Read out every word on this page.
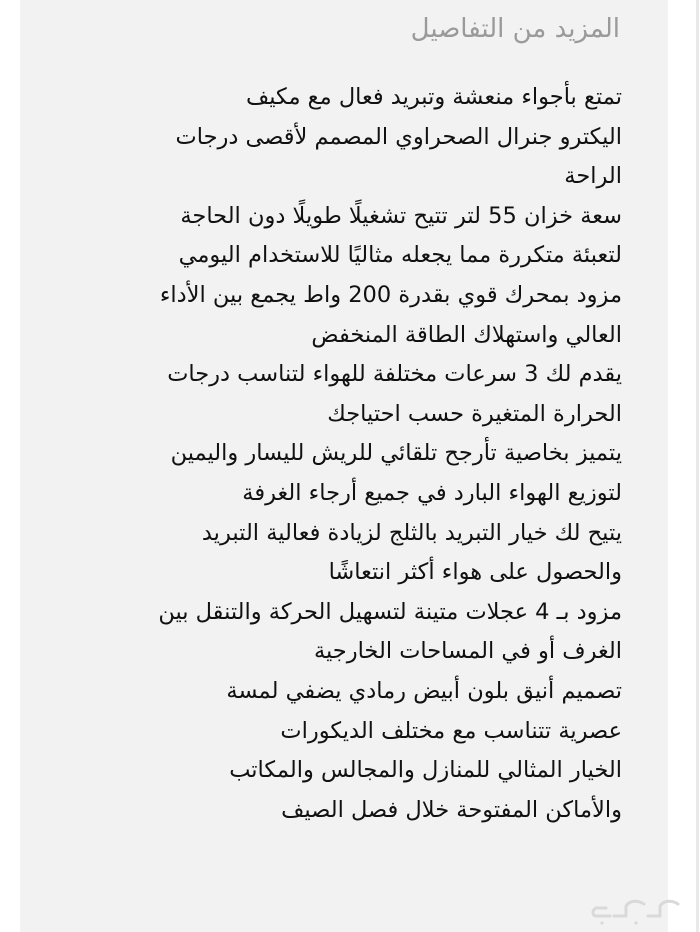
المزيد من التفاصيل
تمتع بأجواء منعشة وتبريد فعال مع مكيف
اليكترو جنرال الصحراوي المصمم لأقصى درجات
الراحة
سعة خزان 55 لتر تتيح تشغيلًا طويلًا دون الحاجة
لتعبئة متكررة مما يجعله مثاليًا للاستخدام اليومي
مزود بمحرك قوي بقدرة 200 واط يجمع بين الأداء
العالي واستهلاك الطاقة المنخفض
يقدم لك 3 سرعات مختلفة للهواء لتناسب درجات
الحرارة المتغيرة حسب احتياجك
يتميز بخاصية تأرجح تلقائي للريش لليسار واليمين
لتوزيع الهواء البارد في جميع أرجاء الغرفة
يتيح لك خيار التبريد بالثلج لزيادة فعالية التبريد
والحصول على هواء أكثر انتعاشًا
مزود بـ 4 عجلات متينة لتسهيل الحركة والتنقل بين
الغرف أو في المساحات الخارجية
تصميم أنيق بلون أبيض رمادي يضفي لمسة
عصرية تتناسب مع مختلف الديكورات
الخيار المثالي للمنازل والمجالس والمكاتب
والأماكن المفتوحة خلال فصل الصيف
